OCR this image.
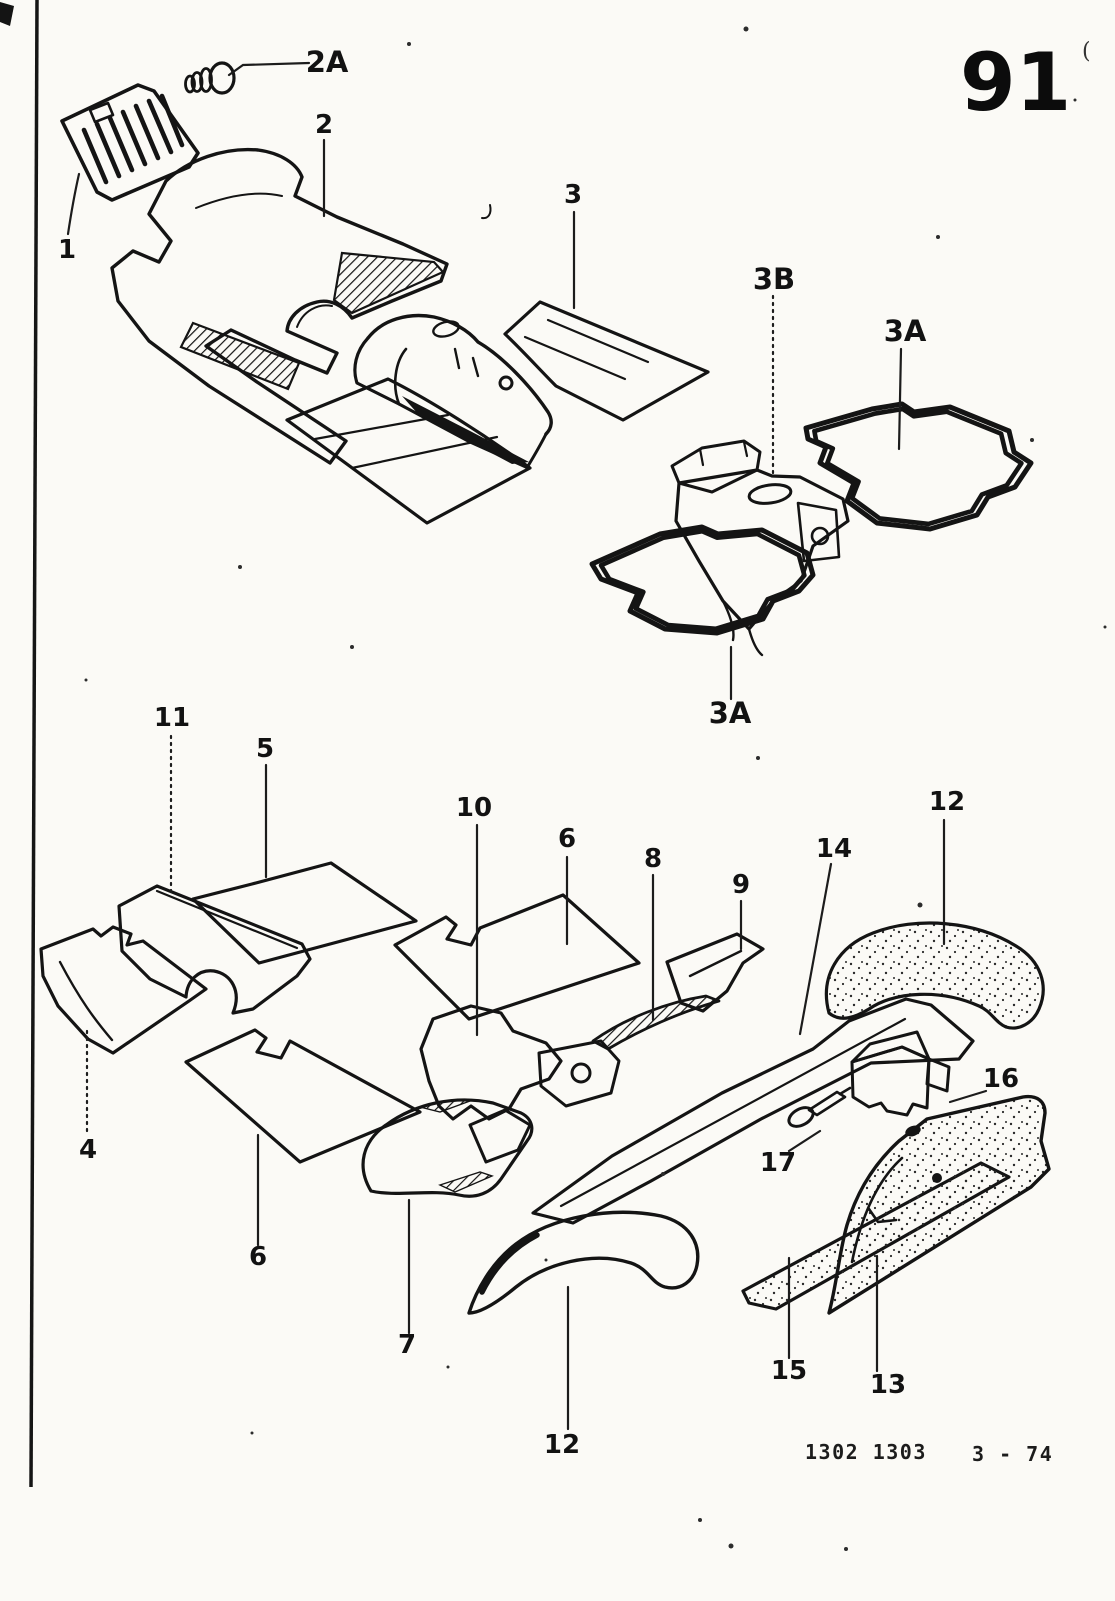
1
2
2A
3
3B
3A
3A
11
5
4
10
6
8
9
14
12
16
17
6
7
12
15 13
91 (
1302 1303 3 - 74
